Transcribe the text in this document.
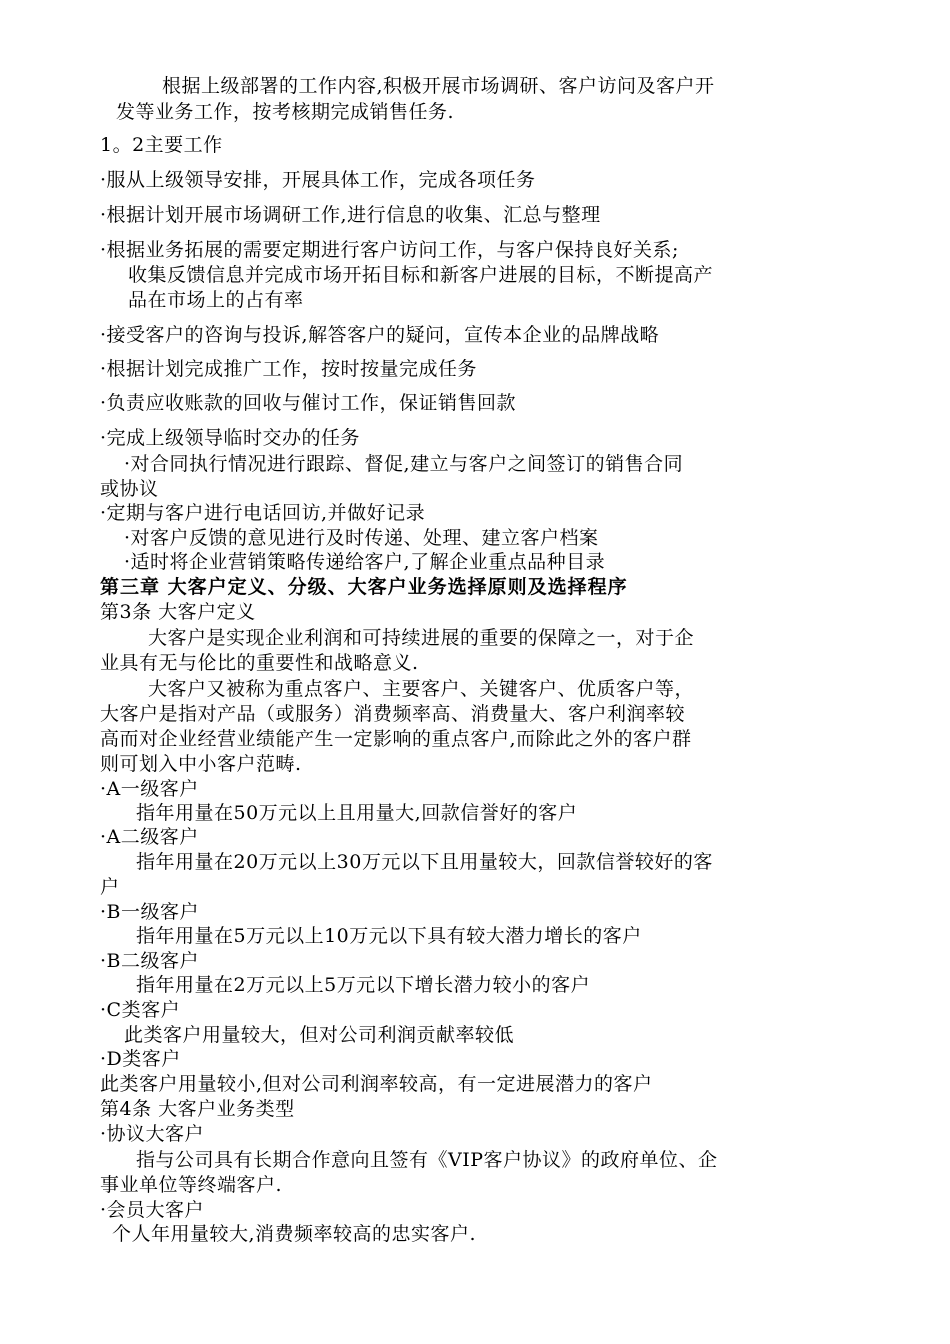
根据上级部署的工作内容,积极开展市场调研、客户访问及客户开
发等业务工作，按考核期完成销售任务.
1。2主要工作
·服从上级领导安排，开展具体工作，完成各项任务
·根据计划开展市场调研工作,进行信息的收集、汇总与整理
·根据业务拓展的需要定期进行客户访问工作，与客户保持良好关系;
收集反馈信息并完成市场开拓目标和新客户进展的目标，不断提高产
品在市场上的占有率
·接受客户的咨询与投诉,解答客户的疑问，宣传本企业的品牌战略
·根据计划完成推广工作，按时按量完成任务
·负责应收账款的回收与催讨工作，保证销售回款
·完成上级领导临时交办的任务
·对合同执行情况进行跟踪、督促,建立与客户之间签订的销售合同
或协议
·定期与客户进行电话回访,并做好记录
·对客户反馈的意见进行及时传递、处理、建立客户档案
·适时将企业营销策略传递给客户,了解企业重点品种目录
第三章 大客户定义、分级、大客户业务选择原则及选择程序
第3条 大客户定义
大客户是实现企业利润和可持续进展的重要的保障之一，对于企
业具有无与伦比的重要性和战略意义.
大客户又被称为重点客户、主要客户、关键客户、优质客户等，
大客户是指对产品（或服务）消费频率高、消费量大、客户利润率较
高而对企业经营业绩能产生一定影响的重点客户,而除此之外的客户群
则可划入中小客户范畴.
·A一级客户
指年用量在50万元以上且用量大,回款信誉好的客户
·A二级客户
指年用量在20万元以上30万元以下且用量较大，回款信誉较好的客
户
·B一级客户
指年用量在5万元以上10万元以下具有较大潜力增长的客户
·B二级客户
指年用量在2万元以上5万元以下增长潜力较小的客户
·C类客户
此类客户用量较大，但对公司利润贡献率较低
·D类客户
此类客户用量较小,但对公司利润率较高，有一定进展潜力的客户
第4条 大客户业务类型
·协议大客户
指与公司具有长期合作意向且签有《VIP客户协议》的政府单位、企
事业单位等终端客户.
·会员大客户
个人年用量较大,消费频率较高的忠实客户.
